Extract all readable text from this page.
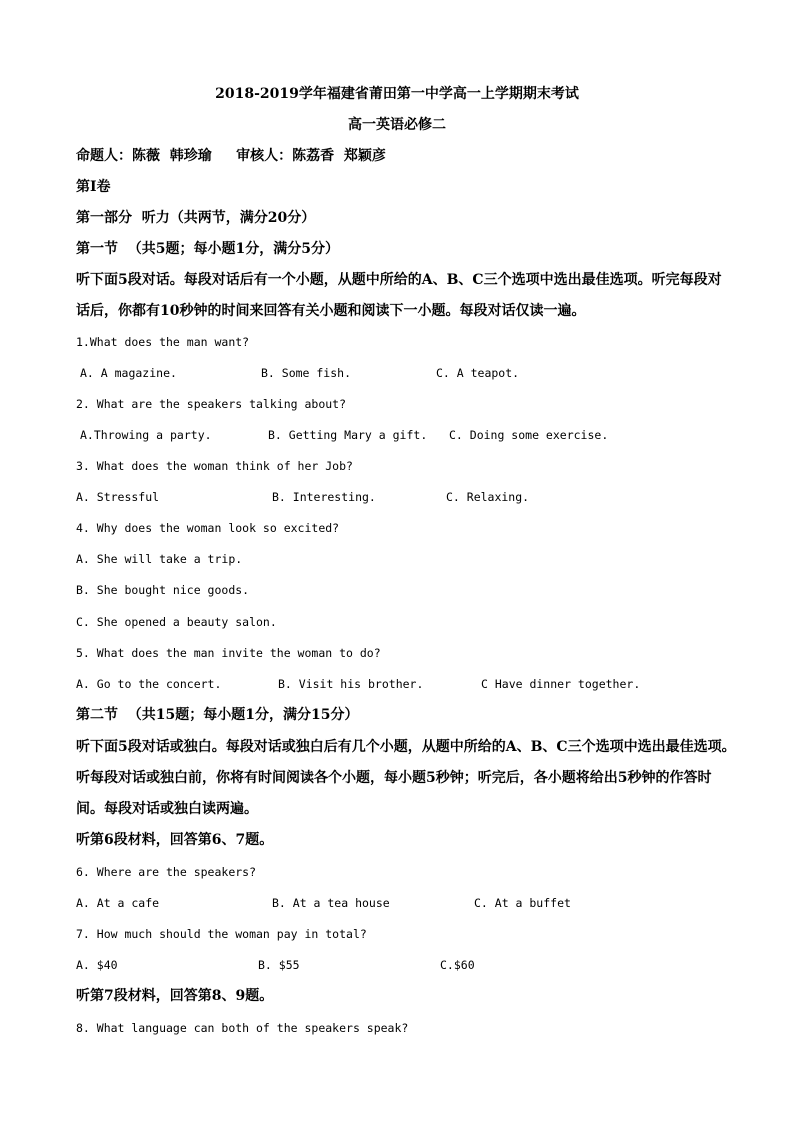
2018-2019学年福建省莆田第一中学高一上学期期末考试
高一英语必修二
命题人：陈薇  韩珍瑜     审核人：陈荔香  郑颖彦
第Ⅰ卷
第一部分  听力（共两节，满分20分）
第一节  （共5题；每小题1分，满分5分）
听下面5段对话。每段对话后有一个小题，从题中所给的A、B、C三个选项中选出最佳选项。听完每段对
话后，你都有10秒钟的时间来回答有关小题和阅读下一小题。每段对话仅读一遍。
1.What does the man want?
A. A magazine.	B. Some fish.	C. A teapot.
2. What are the speakers talking about?
A.Throwing a party.	B. Getting Mary a gift. C. Doing some exercise.
3. What does the woman think of her Job?
A. Stressful	B. Interesting.	C. Relaxing.
4. Why does the woman look so excited?
A. She will take a trip.
B. She bought nice goods.
C. She opened a beauty salon.
5. What does the man invite the woman to do?
A. Go to the concert.	B. Visit his brother.	C Have dinner together.
第二节  （共15题；每小题1分，满分15分）
听下面5段对话或独白。每段对话或独白后有几个小题，从题中所给的A、B、C三个选项中选出最佳选项。
听每段对话或独白前，你将有时间阅读各个小题，每小题5秒钟；听完后，各小题将给出5秒钟的作答时
间。每段对话或独白读两遍。
听第6段材料，回答第6、7题。
6. Where are the speakers?
A. At a cafe	B. At a tea house	C. At a buffet
7. How much should the woman pay in total?
A. $40	B. $55	C.$60
听第7段材料，回答第8、9题。
8. What language can both of the speakers speak?
